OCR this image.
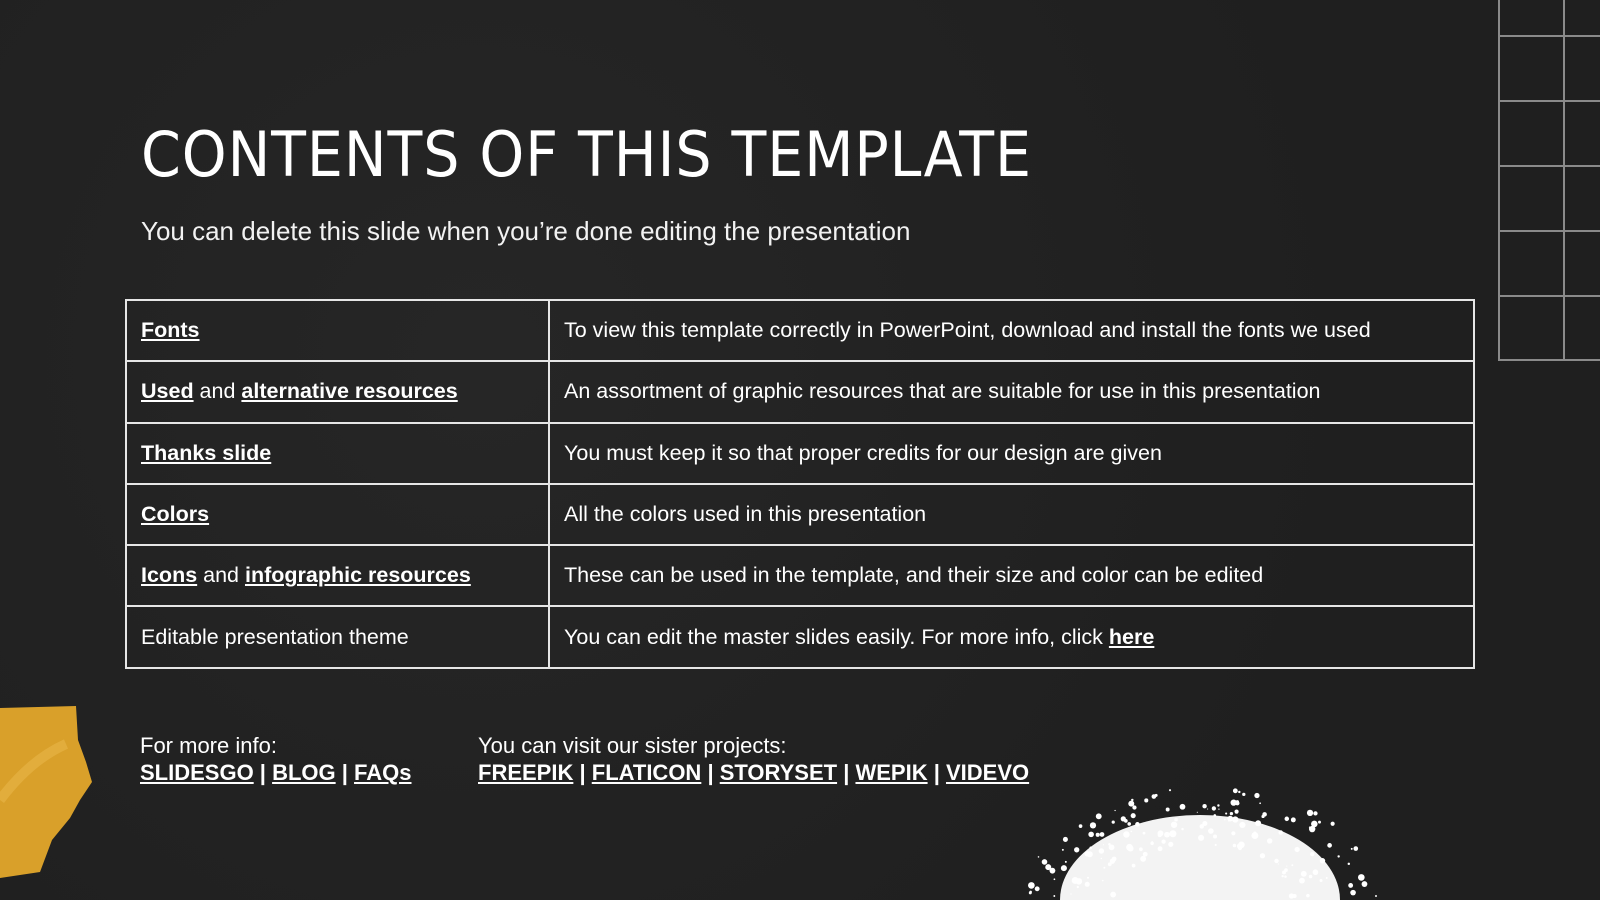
CONTENTS OF THIS TEMPLATE
You can delete this slide when you’re done editing the presentation
Fonts	To view this template correctly in PowerPoint, download and install the fonts we used
Used and alternative resources	An assortment of graphic resources that are suitable for use in this presentation
Thanks slide	You must keep it so that proper credits for our design are given
Colors	All the colors used in this presentation
Icons and infographic resources	These can be used in the template, and their size and color can be edited
Editable presentation theme	You can edit the master slides easily. For more info, click here
For more info:
SLIDESGO | BLOG | FAQs
You can visit our sister projects:
FREEPIK | FLATICON | STORYSET | WEPIK | VIDEVO
